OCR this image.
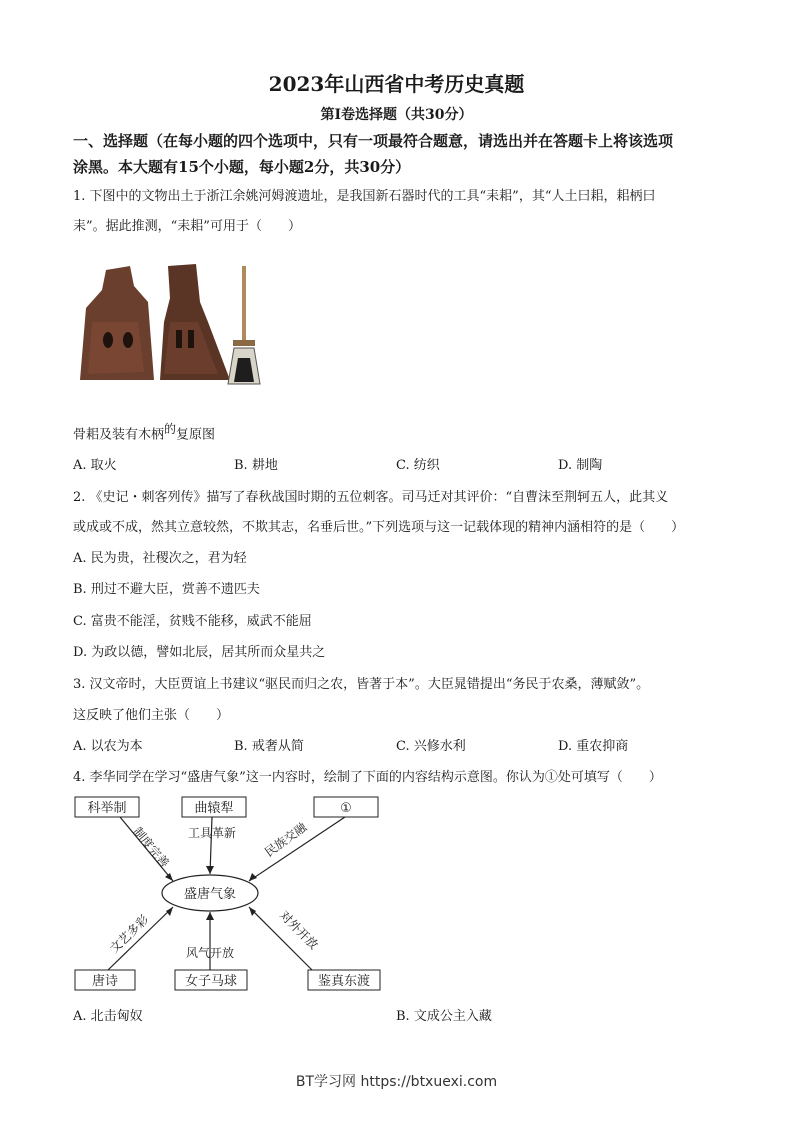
2023年山西省中考历史真题
第I卷选择题（共30分）
一、选择题（在每小题的四个选项中，只有一项最符合题意，请选出并在答题卡上将该选项
涂黑。本大题有15个小题，每小题2分，共30分）
1. 下图中的文物出土于浙江余姚河姆渡遗址，是我国新石器时代的工具“耒耜”，其“人土曰耜，耜柄曰
耒”。据此推测，“耒耜”可用于（　　）
骨耜及装有木柄$^的$复原图
A. 取火	B. 耕地	C. 纺织	D. 制陶
2. 《史记・刺客列传》描写了春秋战国时期的五位刺客。司马迁对其评价：“自曹沫至荆轲五人，此其义
或成或不成，然其立意较然，不欺其志，名垂后世。”下列选项与这一记载体现的精神内涵相符的是（　　）
A. 民为贵，社稷次之，君为轻
B. 刑过不避大臣，赏善不遗匹夫
C. 富贵不能淫，贫贱不能移，威武不能屈
D. 为政以德，譬如北辰，居其所而众星共之
3. 汉文帝时，大臣贾谊上书建议“驱民而归之农，皆著于本”。大臣晁错提出“务民于农桑，薄赋敛”。
这反映了他们主张（　　）
A. 以农为本	B. 戒奢从简	C. 兴修水利	D. 重农抑商
4. 李华同学在学习“盛唐气象”这一内容时，绘制了下面的内容结构示意图。你认为①处可填写（　　）
盛唐气象
科举制	曲辕犁	①
唐诗	女子马球	鉴真东渡
制度完善 工具革新 民族交融
文艺多彩	风气开放
对外开放
A. 北击匈奴	B. 文成公主入藏
BT学习网 https://btxuexi.com
